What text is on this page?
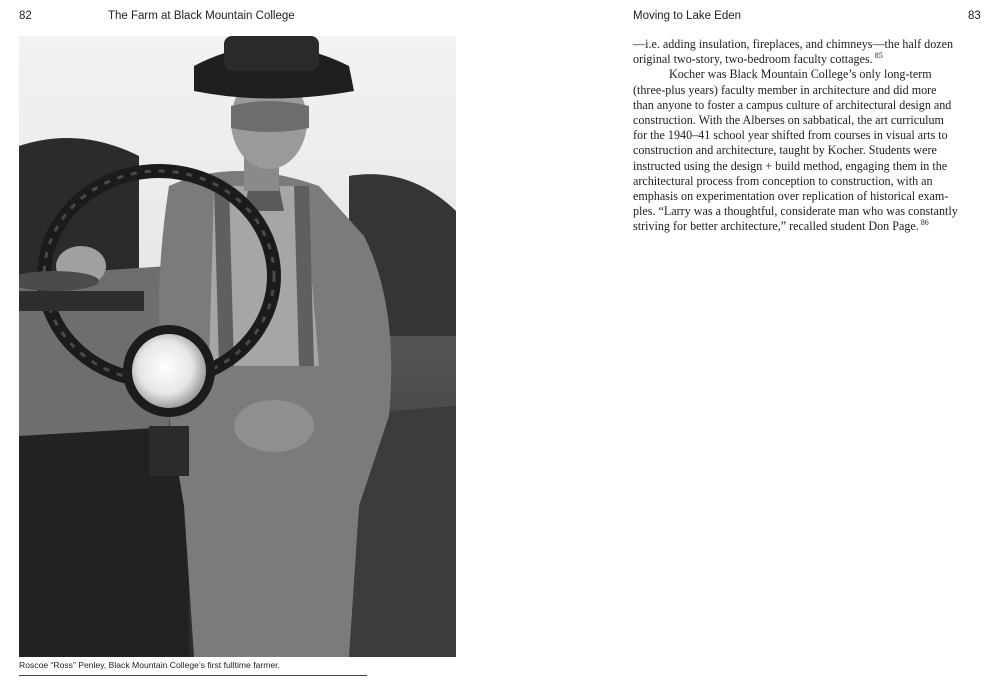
82	The Farm at Black Mountain College	Moving to Lake Eden	83
Roscoe “Ross” Penley, Black Mountain College’s first fulltime farmer.
—i.e. adding insulation, fireplaces, and chimneys—the half dozen
original two-story, two-bedroom faculty cottages. $^{85}$
Kocher was Black Mountain College’s only long-term
(three-plus years) faculty member in architecture and did more
than anyone to foster a campus culture of architectural design and
construction. With the Alberses on sabbatical, the art curriculum
for the 1940–41 school year shifted from courses in visual arts to
construction and architecture, taught by Kocher. Students were
instructed using the design + build method, engaging them in the
architectural process from conception to construction, with an
emphasis on experimentation over replication of historical exam-
ples. “Larry was a thoughtful, considerate man who was constantly
striving for better architecture,” recalled student Don Page. $^{86}$
